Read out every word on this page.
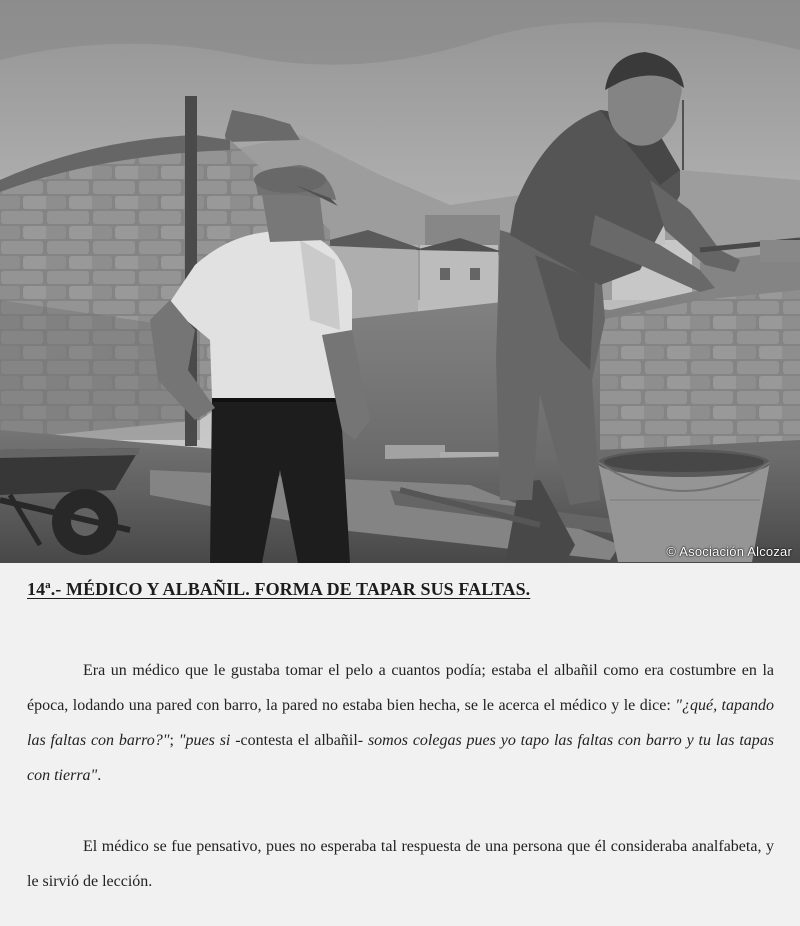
© Asociación Alcozar
14ª.- MÉDICO Y ALBAÑIL. FORMA DE TAPAR SUS FALTAS.

Era un médico que le gustaba tomar el pelo a cuantos podía; estaba el albañil como era costumbre en la época, lodando una pared con barro, la pared no estaba bien hecha, se le acerca el médico y le dice: "¿qué, tapando las faltas con barro?"; "pues si -contesta el albañil- somos colegas pues yo tapo las faltas con barro y tu las tapas con tierra".

El médico se fue pensativo, pues no esperaba tal respuesta de una persona que él consideraba analfabeta, y le sirvió de lección.
